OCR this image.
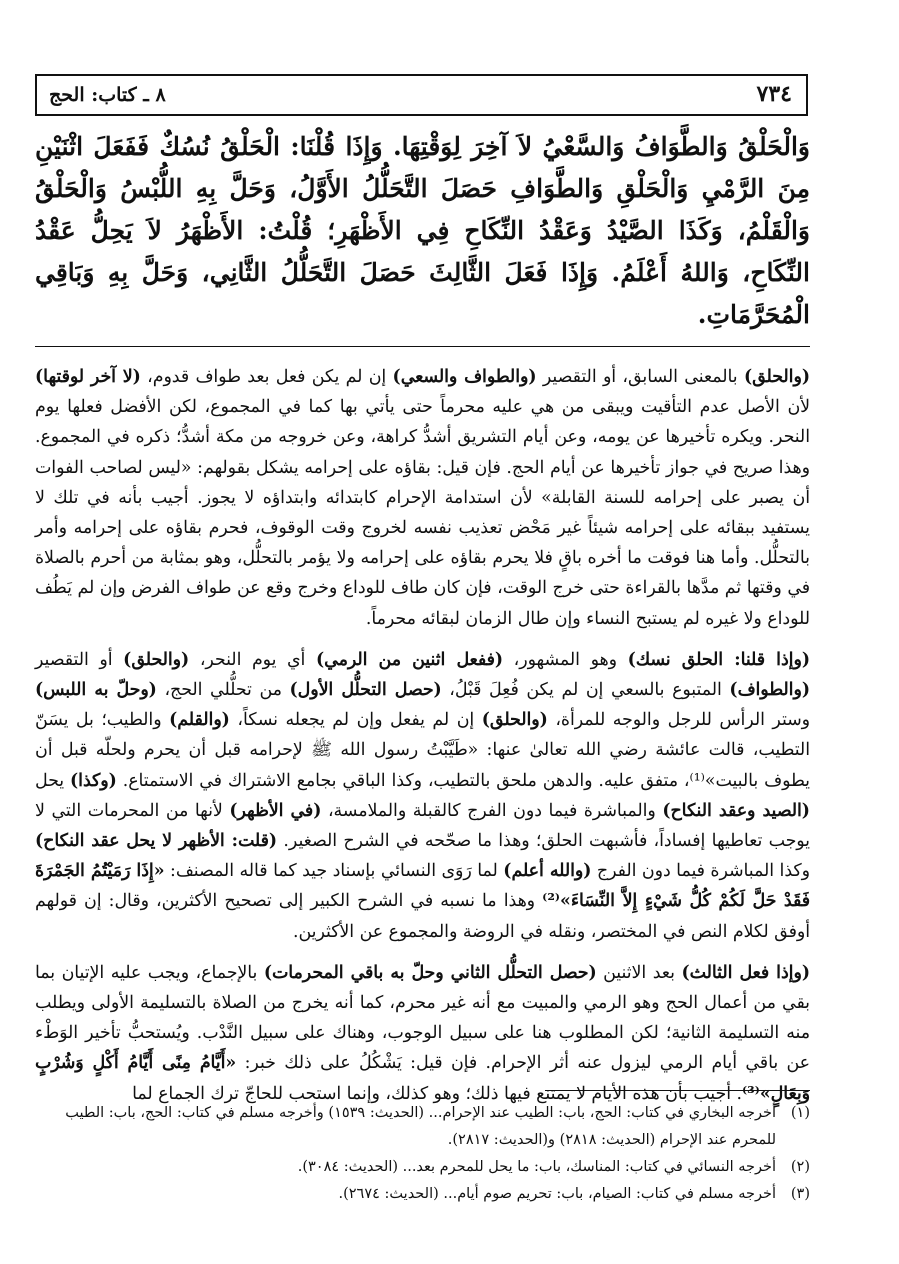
٧٣٤
٨ ـ كتاب: الحج

وَالْحَلْقُ وَالطَّوَافُ وَالسَّعْيُ لاَ آخِرَ لِوَقْتِهَا. وَإِذَا قُلْنَا: الْحَلْقُ نُسُكٌ فَفَعَلَ اثْنَيْنِ مِنَ الرَّمْيِ وَالْحَلْقِ وَالطَّوَافِ حَصَلَ التَّحَلُّلُ الأَوَّلُ، وَحَلَّ بِهِ اللُّبْسُ وَالْحَلْقُ وَالْقَلْمُ، وَكَذَا الصَّيْدُ وَعَقْدُ النِّكَاحِ فِي الأَظْهَرِ؛ قُلْتُ: الأَظْهَرُ لاَ يَحِلُّ عَقْدُ النِّكَاحِ، وَاللهُ أَعْلَمُ. وَإِذَا فَعَلَ الثَّالِثَ حَصَلَ التَّحَلُّلُ الثَّانِي، وَحَلَّ بِهِ وَبَاقِي الْمُحَرَّمَاتِ.

(والحلق) بالمعنى السابق، أو التقصير (والطواف والسعي) إن لم يكن فعل بعد طواف قدوم، (لا آخر لوقتها) لأن الأصل عدم التأقيت ويبقى من هي عليه محرماً حتى يأتي بها كما في المجموع، لكن الأفضل فعلها يوم النحر. ويكره تأخيرها عن يومه، وعن أيام التشريق أشدُّ كراهة، وعن خروجه من مكة أشدُّ؛ ذكره في المجموع. وهذا صريح في جواز تأخيرها عن أيام الحج. فإن قيل: بقاؤه على إحرامه يشكل بقولهم: «ليس لصاحب الفوات أن يصبر على إحرامه للسنة القابلة» لأن استدامة الإحرام كابتدائه وابتداؤه لا يجوز. أجيب بأنه في تلك لا يستفيد ببقائه على إحرامه شيئاً غير مَحْض تعذيب نفسه لخروج وقت الوقوف، فحرم بقاؤه على إحرامه وأمر بالتحلُّل. وأما هنا فوقت ما أخره باقٍ فلا يحرم بقاؤه على إحرامه ولا يؤمر بالتحلُّل، وهو بمثابة من أحرم بالصلاة في وقتها ثم مدَّها بالقراءة حتى خرج الوقت، فإن كان طاف للوداع وخرج وقع عن طواف الفرض وإن لم يَطُف للوداع ولا غيره لم يستبح النساء وإن طال الزمان لبقائه محرماً.

(وإذا قلنا: الحلق نسك) وهو المشهور، (ففعل اثنين من الرمي) أي يوم النحر، (والحلق) أو التقصير (والطواف) المتبوع بالسعي إن لم يكن فُعِلَ قَبْلُ، (حصل التحلُّل الأول) من تحلُّلي الحج، (وحلّ به اللبس) وستر الرأس للرجل والوجه للمرأة، (والحلق) إن لم يفعل وإن لم يجعله نسكاً، (والقلم) والطيب؛ بل يسَنّ التطيب، قالت عائشة رضي الله تعالىٰ عنها: «طَيَّبْتُ رسول الله ﷺ لإحرامه قبل أن يحرم ولحلّه قبل أن يطوف بالبيت»⁽¹⁾، متفق عليه. والدهن ملحق بالتطيب، وكذا الباقي بجامع الاشتراك في الاستمتاع. (وكذا) يحل (الصيد وعقد النكاح) والمباشرة فيما دون الفرج كالقبلة والملامسة، (في الأظهر) لأنها من المحرمات التي لا يوجب تعاطيها إفساداً، فأشبهت الحلق؛ وهذا ما صحّحه في الشرح الصغير. (قلت: الأظهر لا يحل عقد النكاح) وكذا المباشرة فيما دون الفرج (والله أعلم) لما رَوَى النسائي بإسناد جيد كما قاله المصنف: «إِذَا رَمَيْتُمُ الجَمْرَةَ فَقَدْ حَلَّ لَكُمْ كُلُّ شَيْءٍ إِلاَّ النِّسَاءَ»⁽²⁾ وهذا ما نسبه في الشرح الكبير إلى تصحيح الأكثرين، وقال: إن قولهم أوفق لكلام النص في المختصر، ونقله في الروضة والمجموع عن الأكثرين.

(وإذا فعل الثالث) بعد الاثنين (حصل التحلُّل الثاني وحلّ به باقي المحرمات) بالإجماع، ويجب عليه الإتيان بما بقي من أعمال الحج وهو الرمي والمبيت مع أنه غير محرم، كما أنه يخرج من الصلاة بالتسليمة الأولى ويطلب منه التسليمة الثانية؛ لكن المطلوب هنا على سبيل الوجوب، وهناك على سبيل النَّدْب. ويُستحبُّ تأخير الوَطْء عن باقي أيام الرمي ليزول عنه أثر الإحرام. فإن قيل: يَشْكُلُ على ذلك خبر: «أَيَّامُ مِنًى أَيَّامُ أَكْلٍ وَشُرْبٍ وَبِعَالٍ»⁽³⁾. أجيب بأن هذه الأيام لا يمتنع فيها ذلك؛ وهو كذلك، وإنما استحب للحاجّ ترك الجماع لما

(١)
أخرجه البخاري في كتاب: الحج، باب: الطيب عند الإحرام... (الحديث: ١٥٣٩) وأخرجه مسلم في كتاب: الحج، باب: الطيب للمحرم عند الإحرام (الحديث: ٢٨١٨) و(الحديث: ٢٨١٧).
(٢)
أخرجه النسائي في كتاب: المناسك، باب: ما يحل للمحرم بعد... (الحديث: ٣٠٨٤).
(٣)
أخرجه مسلم في كتاب: الصيام، باب: تحريم صوم أيام... (الحديث: ٢٦٧٤).
